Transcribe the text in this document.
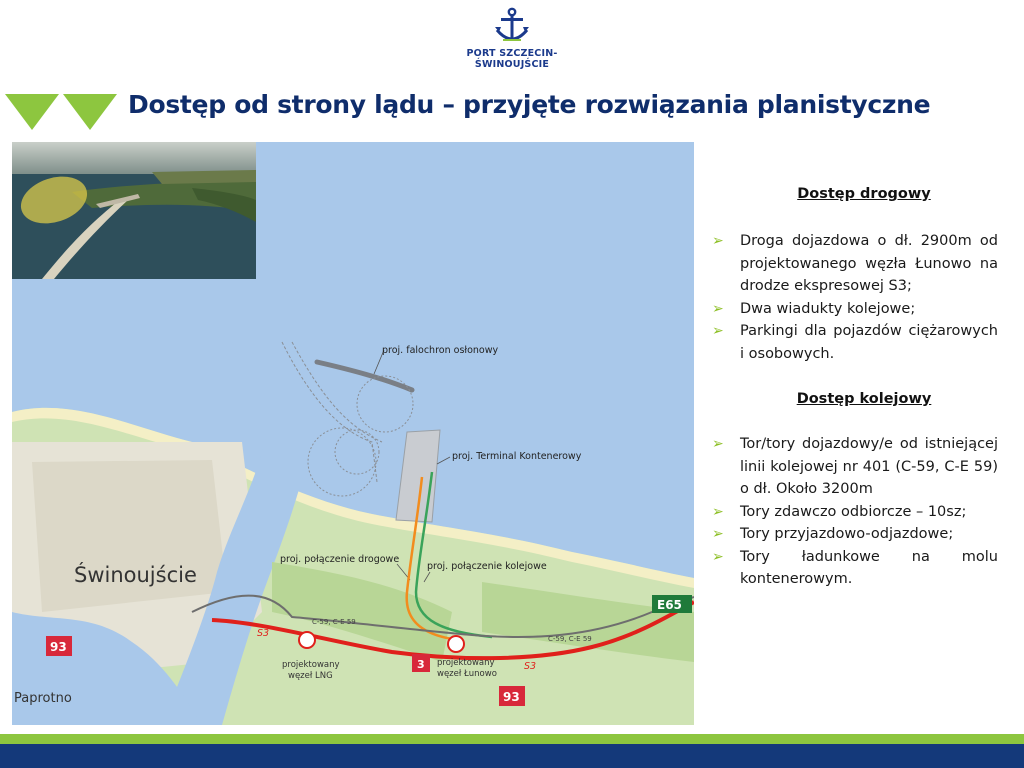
PORT SZCZECIN-ŚWINOUJŚCIE
Dostęp od strony lądu – przyjęte rozwiązania planistyczne
proj. falochron osłonowy
proj. Terminal Kontenerowy
proj. połączenie drogowe
proj. połączenie kolejowe
Świnoujście
Paprotno
projektowany
węzeł LNG
projektowany
węzeł Łunowo
S3
S3
C-59, C-E 59
C-59, C-E 59
93
3
93
E65
Dostęp drogowy
➢ Droga dojazdowa o dł. 2900m od projektowanego węzła Łunowo na drodze ekspresowej S3;
➢ Dwa wiadukty kolejowe;
➢ Parkingi dla pojazdów ciężarowych i osobowych.
Dostęp kolejowy
➢ Tor/tory dojazdowy/e od istniejącej linii kolejowej nr 401 (C-59, C-E 59) o dł. Około 3200m
➢ Tory zdawczo odbiorcze – 10sz;
➢ Tory przyjazdowo-odjazdowe;
➢ Tory ładunkowe na molu kontenerowym.
